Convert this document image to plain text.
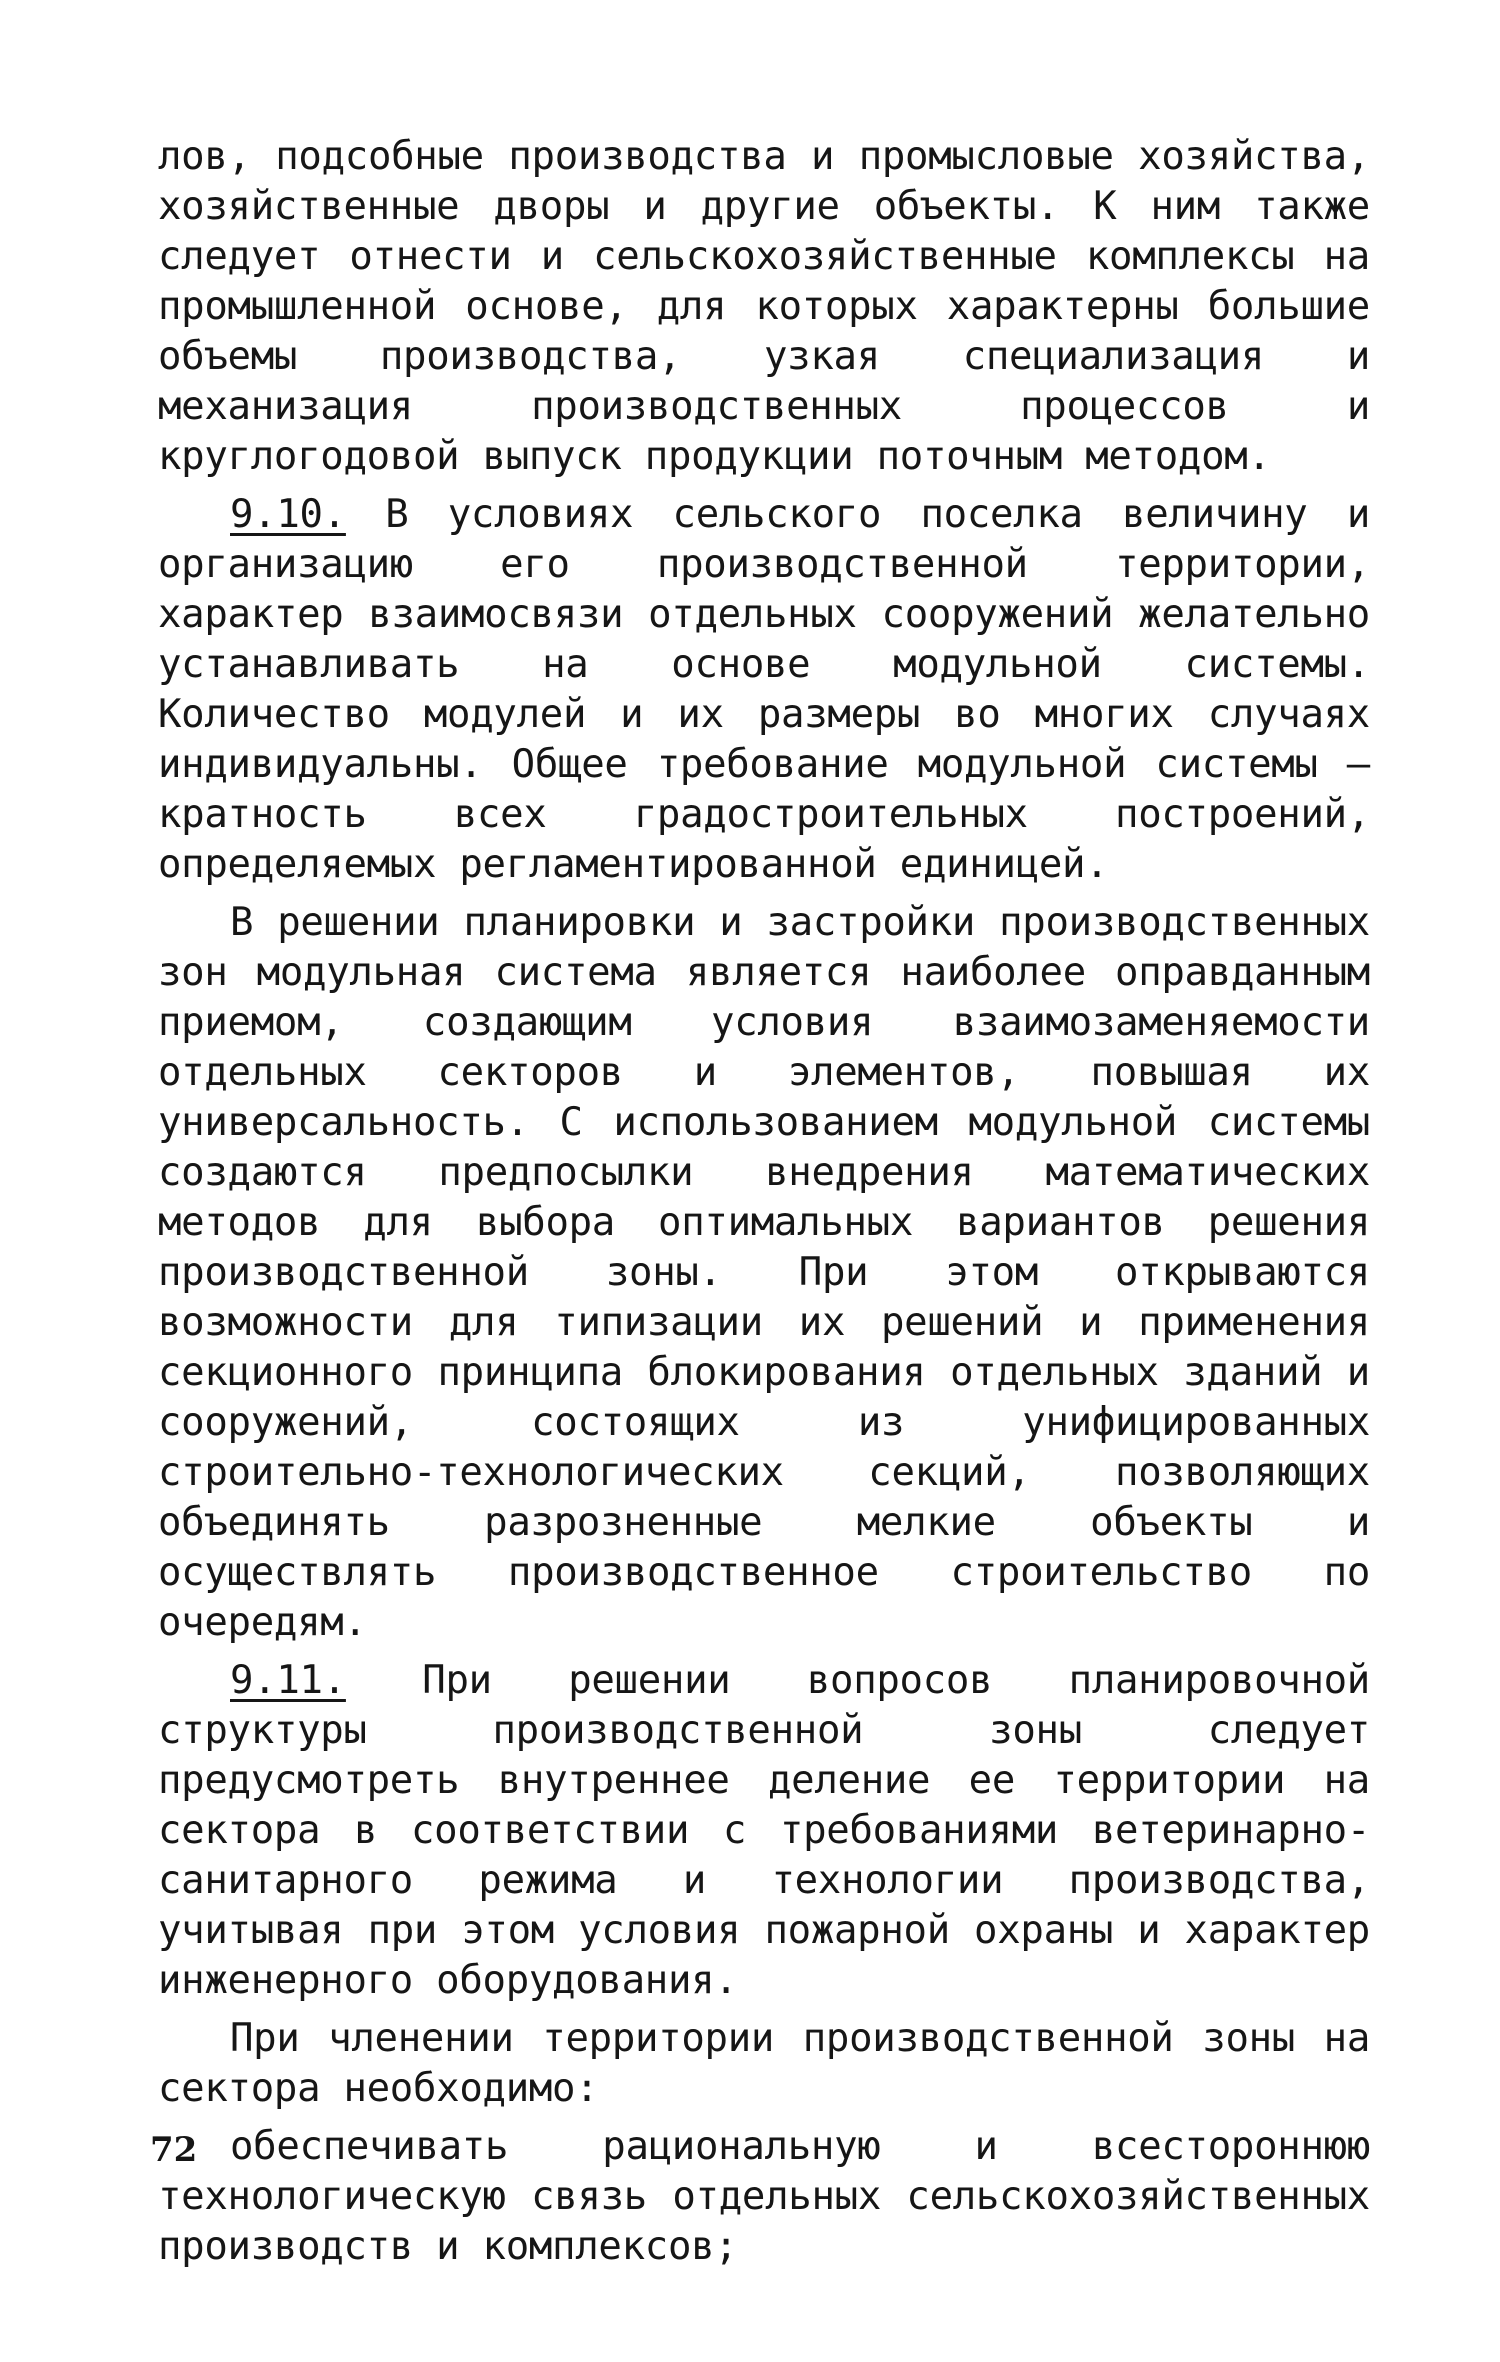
лов, подсобные производства и промысловые хозяйства, хозяйственные дворы и другие объекты. К ним также следует отнести и сельскохозяйственные комплексы на промышленной основе, для которых характерны большие объемы производства, узкая специализация и механизация производственных процессов и круглогодовой выпуск продукции поточным методом.

9.10. В условиях сельского поселка величину и организацию его производственной территории, характер взаимосвязи отдельных сооружений желательно устанавливать на основе модульной системы. Количество модулей и их размеры во многих случаях индивидуальны. Общее требование модульной системы – кратность всех градостроительных построений, определяемых регламентированной единицей.

В решении планировки и застройки производственных зон модульная система является наиболее оправданным приемом, создающим условия взаимозаменяемости отдельных секторов и элементов, повышая их универсальность. С использованием модульной системы создаются предпосылки внедрения математических методов для выбора оптимальных вариантов решения производственной зоны. При этом открываются возможности для типизации их решений и применения секционного принципа блокирования отдельных зданий и сооружений, состоящих из унифицированных строительно-технологических секций, позволяющих объединять разрозненные мелкие объекты и осуществлять производственное строительство по очередям.

9.11. При решении вопросов планировочной структуры производственной зоны следует предусмотреть внутреннее деление ее территории на сектора в соответствии с требованиями ветеринарно-санитарного режима и технологии производства, учитывая при этом условия пожарной охраны и характер инженерного оборудования.

При членении территории производственной зоны на сектора необходимо:

обеспечивать рациональную и всестороннюю технологическую связь отдельных сельскохозяйственных производств и комплексов;

72
